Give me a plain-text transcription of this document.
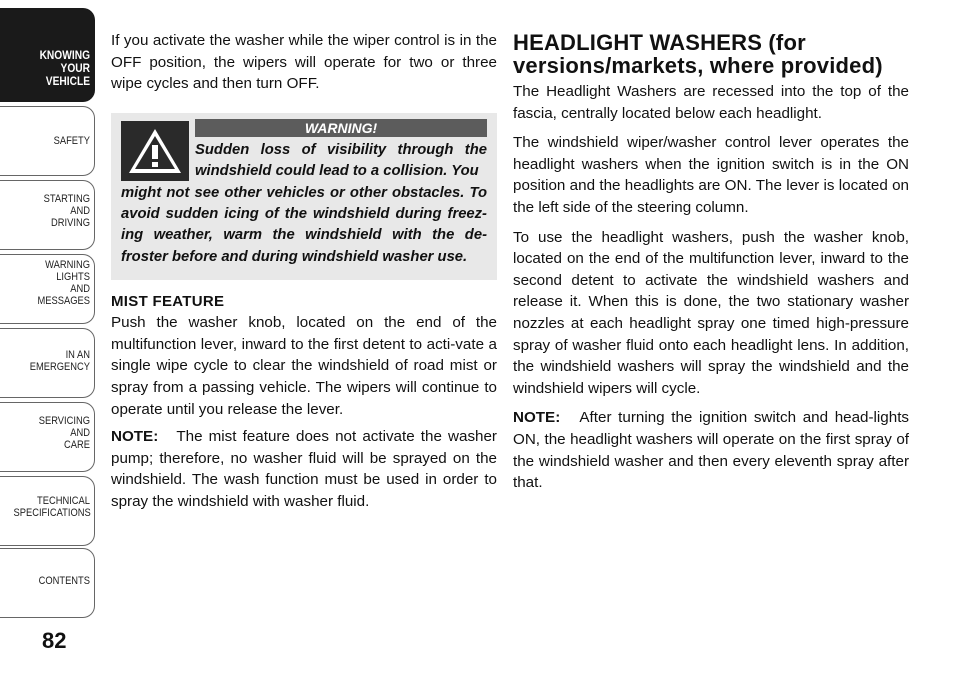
KNOWING
YOUR
VEHICLE
SAFETY
STARTING
AND
DRIVING
WARNING
LIGHTS
AND
MESSAGES
IN AN
EMERGENCY
SERVICING
AND
CARE
TECHNICAL
SPECIFICATIONS
CONTENTS
82

If you activate the washer while the wiper control is in the OFF position, the wipers will operate for two or three wipe cycles and then turn OFF.

WARNING!
Sudden loss of visibility through the windshield could lead to a collision. You
might not see other vehicles or other obstacles. To avoid sudden icing of the windshield during freez-ing weather, warm the windshield with the de-froster before and during windshield washer use.
MIST FEATURE

Push the washer knob, located on the end of the multifunction lever, inward to the first detent to acti-vate a single wipe cycle to clear the windshield of road mist or spray from a passing vehicle. The wipers will continue to operate until you release the lever.

NOTE: The mist feature does not activate the washer pump; therefore, no washer fluid will be sprayed on the windshield. The wash function must be used in order to spray the windshield with washer fluid.

HEADLIGHT WASHERS (for versions/markets, where provided)

The Headlight Washers are recessed into the top of the fascia, centrally located below each headlight.

The windshield wiper/washer control lever operates the headlight washers when the ignition switch is in the ON position and the headlights are ON. The lever is located on the left side of the steering column.

To use the headlight washers, push the washer knob, located on the end of the multifunction lever, inward to the second detent to activate the windshield washers and release it. When this is done, the two stationary washer nozzles at each headlight spray one timed high-pressure spray of washer fluid onto each headlight lens. In addition, the windshield washers will spray the windshield and the windshield wipers will cycle.

NOTE: After turning the ignition switch and head-lights ON, the headlight washers will operate on the first spray of the windshield washer and then every eleventh spray after that.
